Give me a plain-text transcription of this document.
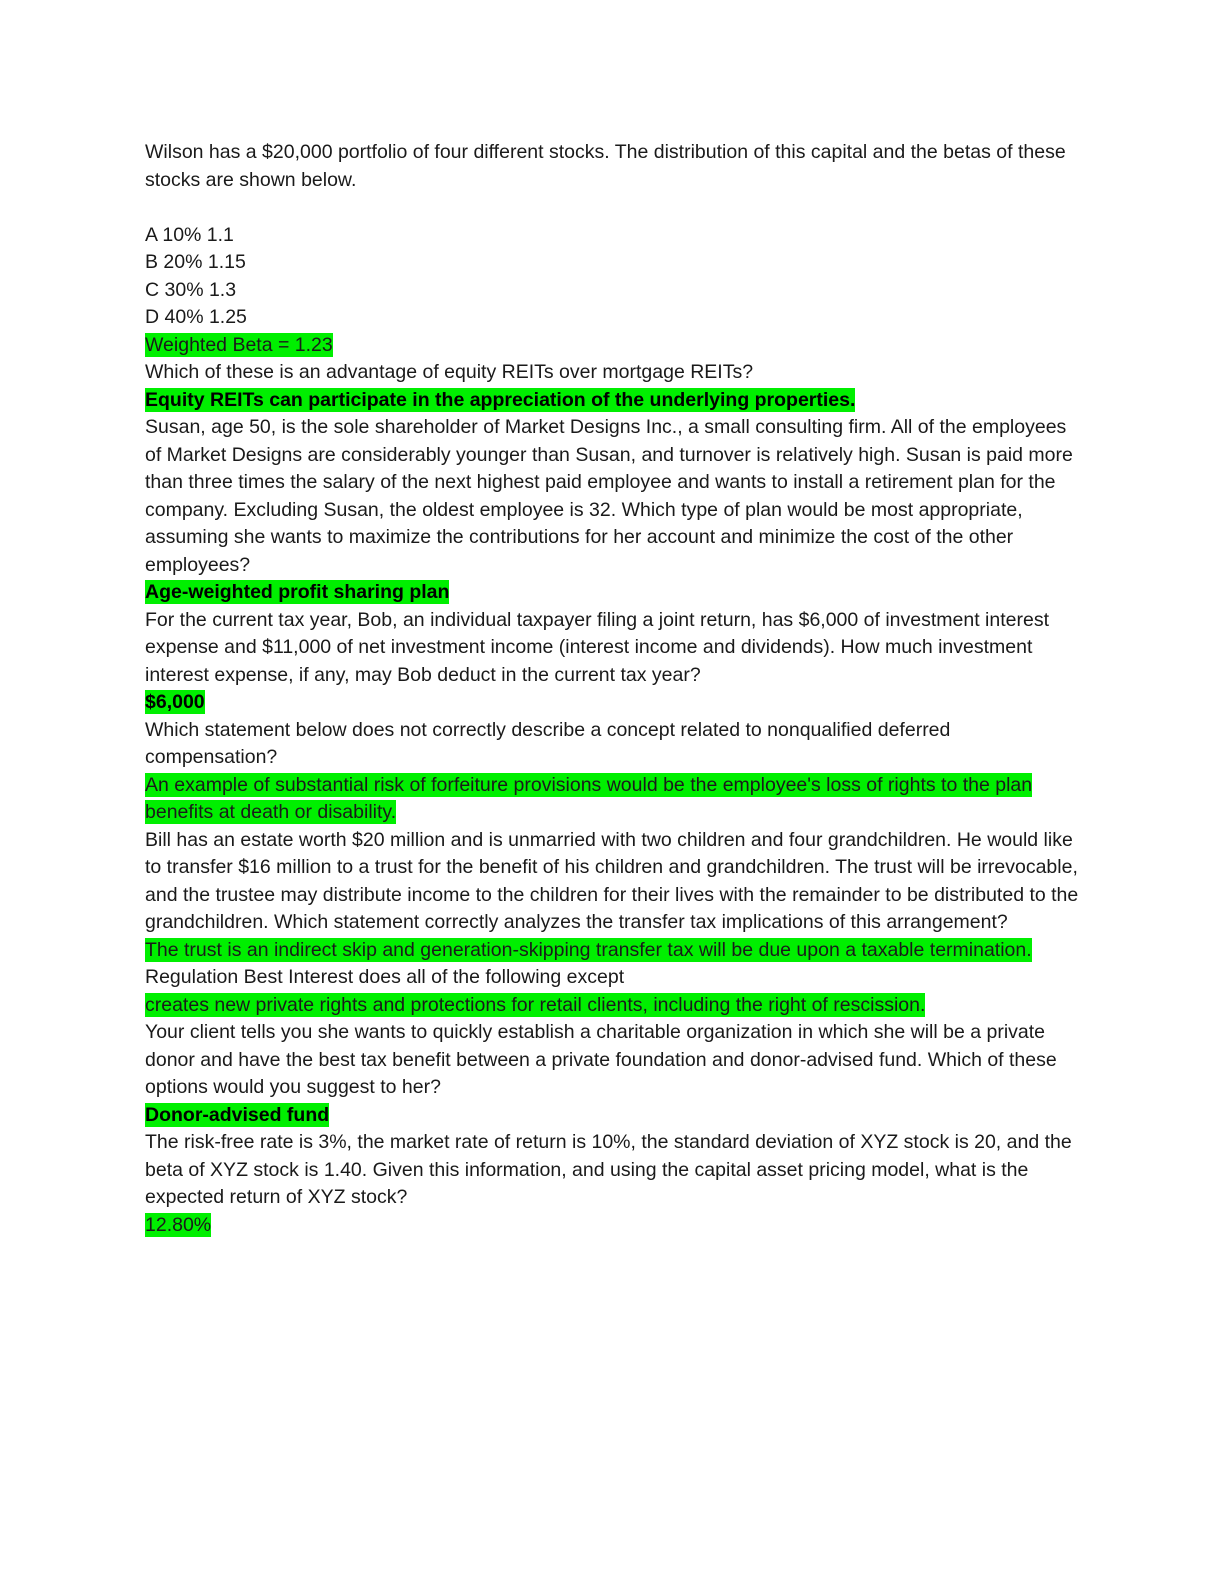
Wilson has a $20,000 portfolio of four different stocks. The distribution of this capital and the betas of these stocks are shown below.
A 10% 1.1
B 20% 1.15
C 30% 1.3
D 40% 1.25
Weighted Beta = 1.23
Which of these is an advantage of equity REITs over mortgage REITs?
Equity REITs can participate in the appreciation of the underlying properties.
Susan, age 50, is the sole shareholder of Market Designs Inc., a small consulting firm. All of the employees of Market Designs are considerably younger than Susan, and turnover is relatively high. Susan is paid more than three times the salary of the next highest paid employee and wants to install a retirement plan for the company. Excluding Susan, the oldest employee is 32. Which type of plan would be most appropriate, assuming she wants to maximize the contributions for her account and minimize the cost of the other employees?
Age-weighted profit sharing plan
For the current tax year, Bob, an individual taxpayer filing a joint return, has $6,000 of investment interest expense and $11,000 of net investment income (interest income and dividends). How much investment interest expense, if any, may Bob deduct in the current tax year?
$6,000
Which statement below does not correctly describe a concept related to nonqualified deferred compensation?
An example of substantial risk of forfeiture provisions would be the employee's loss of rights to the plan benefits at death or disability.
Bill has an estate worth $20 million and is unmarried with two children and four grandchildren. He would like to transfer $16 million to a trust for the benefit of his children and grandchildren. The trust will be irrevocable, and the trustee may distribute income to the children for their lives with the remainder to be distributed to the grandchildren. Which statement correctly analyzes the transfer tax implications of this arrangement?
The trust is an indirect skip and generation-skipping transfer tax will be due upon a taxable termination.
Regulation Best Interest does all of the following except
creates new private rights and protections for retail clients, including the right of rescission.
Your client tells you she wants to quickly establish a charitable organization in which she will be a private donor and have the best tax benefit between a private foundation and donor-advised fund. Which of these options would you suggest to her?
Donor-advised fund
The risk-free rate is 3%, the market rate of return is 10%, the standard deviation of XYZ stock is 20, and the beta of XYZ stock is 1.40. Given this information, and using the capital asset pricing model, what is the expected return of XYZ stock?
12.80%
